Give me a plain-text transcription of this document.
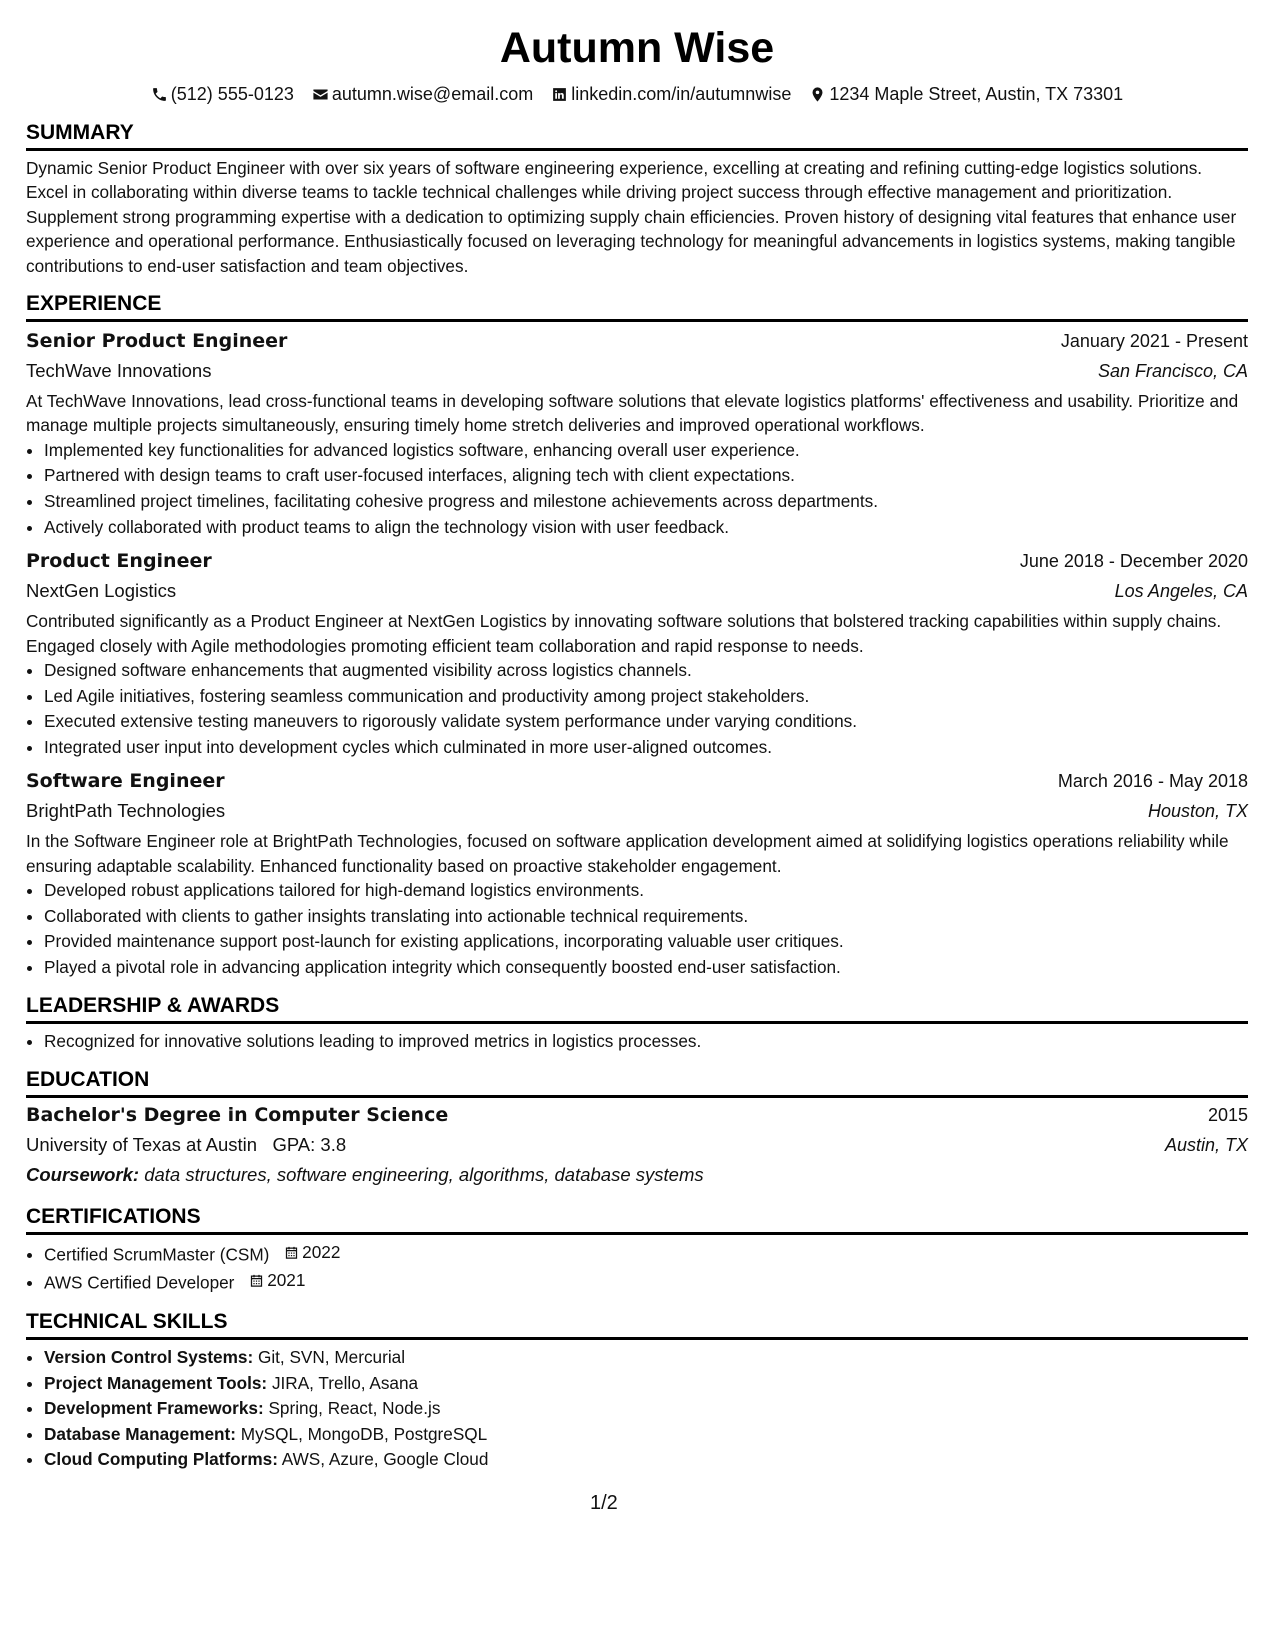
Autumn Wise
(512) 555-0123 autumn.wise@email.com linkedin.com/in/autumnwise 1234 Maple Street, Austin, TX 73301
SUMMARY

Dynamic Senior Product Engineer with over six years of software engineering experience, excelling at creating and refining cutting-edge logistics solutions. Excel in collaborating within diverse teams to tackle technical challenges while driving project success through effective management and prioritization. Supplement strong programming expertise with a dedication to optimizing supply chain efficiencies. Proven history of designing vital features that enhance user experience and operational performance. Enthusiastically focused on leveraging technology for meaningful advancements in logistics systems, making tangible contributions to end-user satisfaction and team objectives.

EXPERIENCE
Senior Product Engineer	January 2021 - Present
TechWave Innovations	San Francisco, CA

At TechWave Innovations, lead cross-functional teams in developing software solutions that elevate logistics platforms' effectiveness and usability. Prioritize and manage multiple projects simultaneously, ensuring timely home stretch deliveries and improved operational workflows.

• Implemented key functionalities for advanced logistics software, enhancing overall user experience.
• Partnered with design teams to craft user-focused interfaces, aligning tech with client expectations.
• Streamlined project timelines, facilitating cohesive progress and milestone achievements across departments.
• Actively collaborated with product teams to align the technology vision with user feedback.
Product Engineer	June 2018 - December 2020
NextGen Logistics	Los Angeles, CA

Contributed significantly as a Product Engineer at NextGen Logistics by innovating software solutions that bolstered tracking capabilities within supply chains. Engaged closely with Agile methodologies promoting efficient team collaboration and rapid response to needs.

• Designed software enhancements that augmented visibility across logistics channels.
• Led Agile initiatives, fostering seamless communication and productivity among project stakeholders.
• Executed extensive testing maneuvers to rigorously validate system performance under varying conditions.
• Integrated user input into development cycles which culminated in more user-aligned outcomes.
Software Engineer	March 2016 - May 2018
BrightPath Technologies	Houston, TX

In the Software Engineer role at BrightPath Technologies, focused on software application development aimed at solidifying logistics operations reliability while ensuring adaptable scalability. Enhanced functionality based on proactive stakeholder engagement.

• Developed robust applications tailored for high-demand logistics environments.
• Collaborated with clients to gather insights translating into actionable technical requirements.
• Provided maintenance support post-launch for existing applications, incorporating valuable user critiques.
• Played a pivotal role in advancing application integrity which consequently boosted end-user satisfaction.
LEADERSHIP & AWARDS
• Recognized for innovative solutions leading to improved metrics in logistics processes.
EDUCATION
Bachelor's Degree in Computer Science	2015
University of Texas at Austin GPA: 3.8	Austin, TX
Coursework: data structures, software engineering, algorithms, database systems
CERTIFICATIONS
• Certified ScrumMaster (CSM) 2022
• AWS Certified Developer 2021
TECHNICAL SKILLS
• Version Control Systems: Git, SVN, Mercurial
• Project Management Tools: JIRA, Trello, Asana
• Development Frameworks: Spring, React, Node.js
• Database Management: MySQL, MongoDB, PostgreSQL
• Cloud Computing Platforms: AWS, Azure, Google Cloud
1/2
